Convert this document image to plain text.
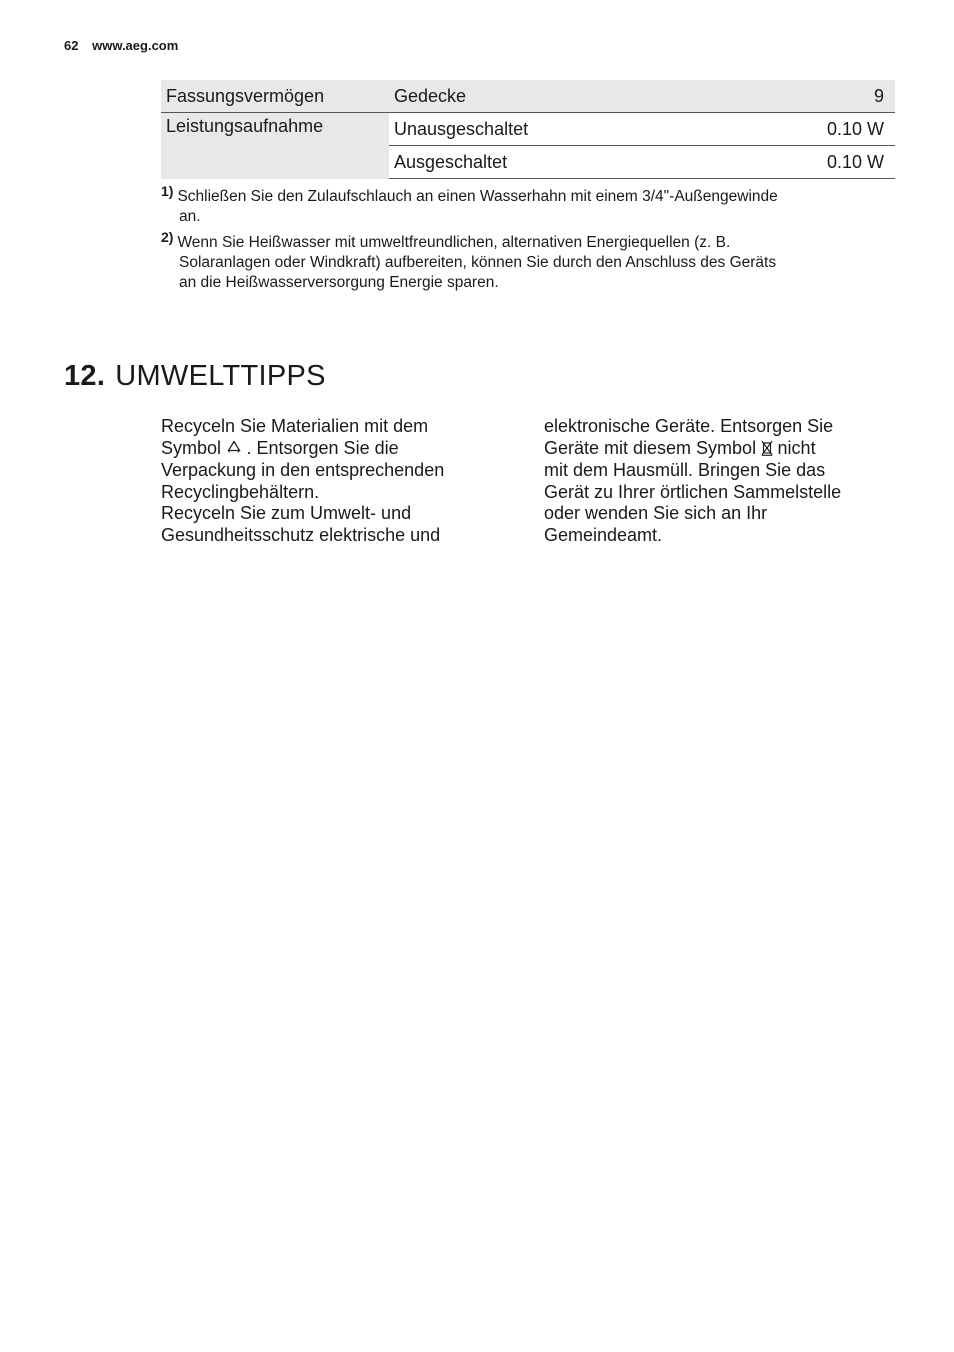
62 www.aeg.com
Fassungsvermögen	Gedecke	9
Leistungsaufnahme	Unausgeschaltet	0.10 W
	Ausgeschaltet	0.10 W
1) Schließen Sie den Zulaufschlauch an einen Wasserhahn mit einem 3/4"-Außengewinde
an.
2) Wenn Sie Heißwasser mit umweltfreundlichen, alternativen Energiequellen (z. B.
Solaranlagen oder Windkraft) aufbereiten, können Sie durch den Anschluss des Geräts
an die Heißwasserversorgung Energie sparen.
12. UMWELTTIPPS
Recyceln Sie Materialien mit dem
Symbol . Entsorgen Sie die
Verpackung in den entsprechenden
Recyclingbehältern.
Recyceln Sie zum Umwelt- und
Gesundheitsschutz elektrische und
elektronische Geräte. Entsorgen Sie
Geräte mit diesem Symbol nicht
mit dem Hausmüll. Bringen Sie das
Gerät zu Ihrer örtlichen Sammelstelle
oder wenden Sie sich an Ihr
Gemeindeamt.
